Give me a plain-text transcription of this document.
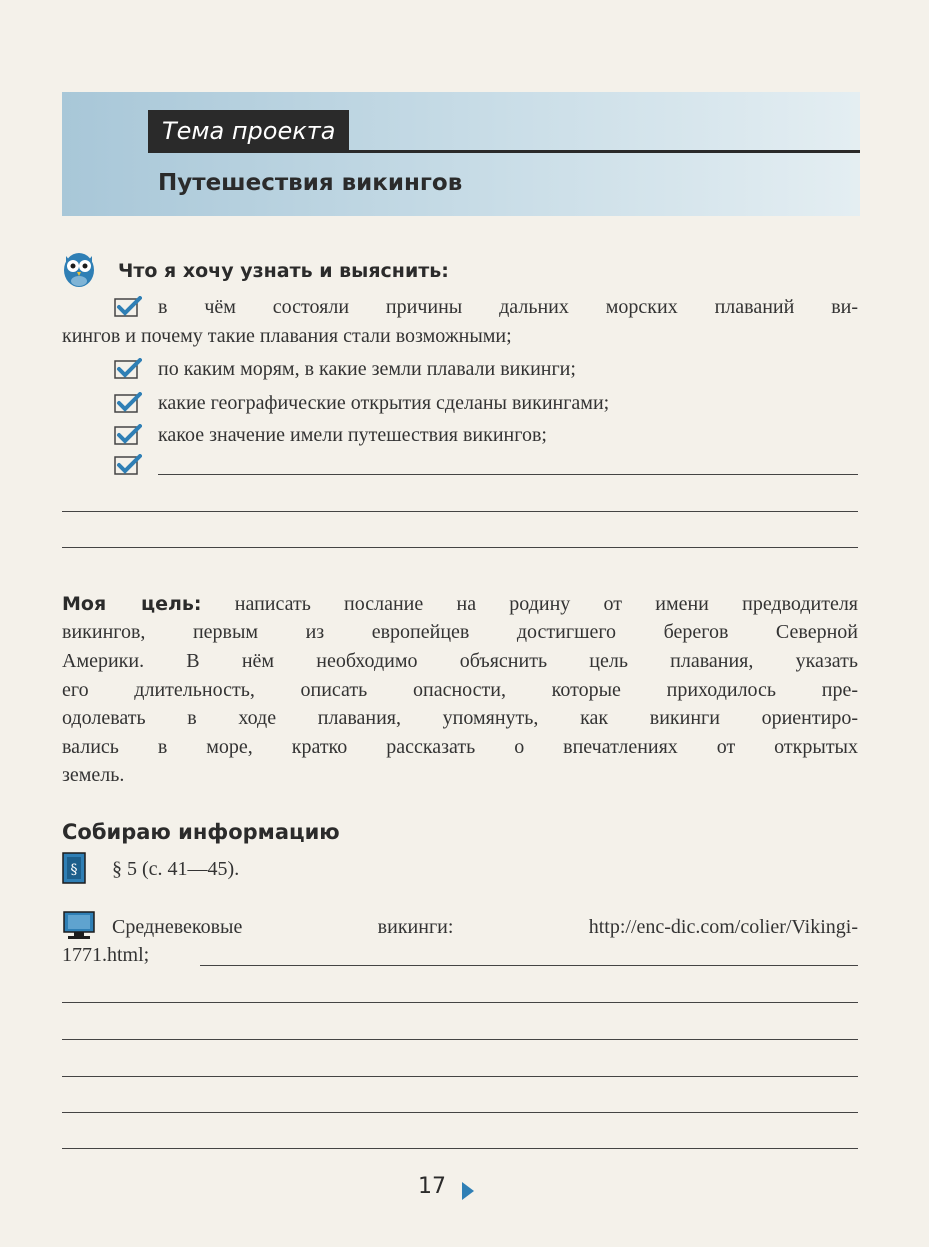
Тема проекта
Путешествия викингов
Что я хочу узнать и выяснить:
в чём состояли причины дальних морских плаваний ви-
кингов и почему такие плавания стали возможными;
по каким морям, в какие земли плавали викинги;
какие географические открытия сделаны викингами;
какое значение имели путешествия викингов;
Моя цель: написать послание на родину от имени предводителя
викингов, первым из европейцев достигшего берегов Северной
Америки. В нём необходимо объяснить цель плавания, указать
его длительность, описать опасности, которые приходилось пре-
одолевать в ходе плавания, упомянуть, как викинги ориентиро-
вались в море, кратко рассказать о впечатлениях от открытых
земель.
Собираю информацию
§ § 5 (с. 41—45).
Средневековые викинги: http://enc-dic.com/colier/Vikingi-
1771.html;
17
